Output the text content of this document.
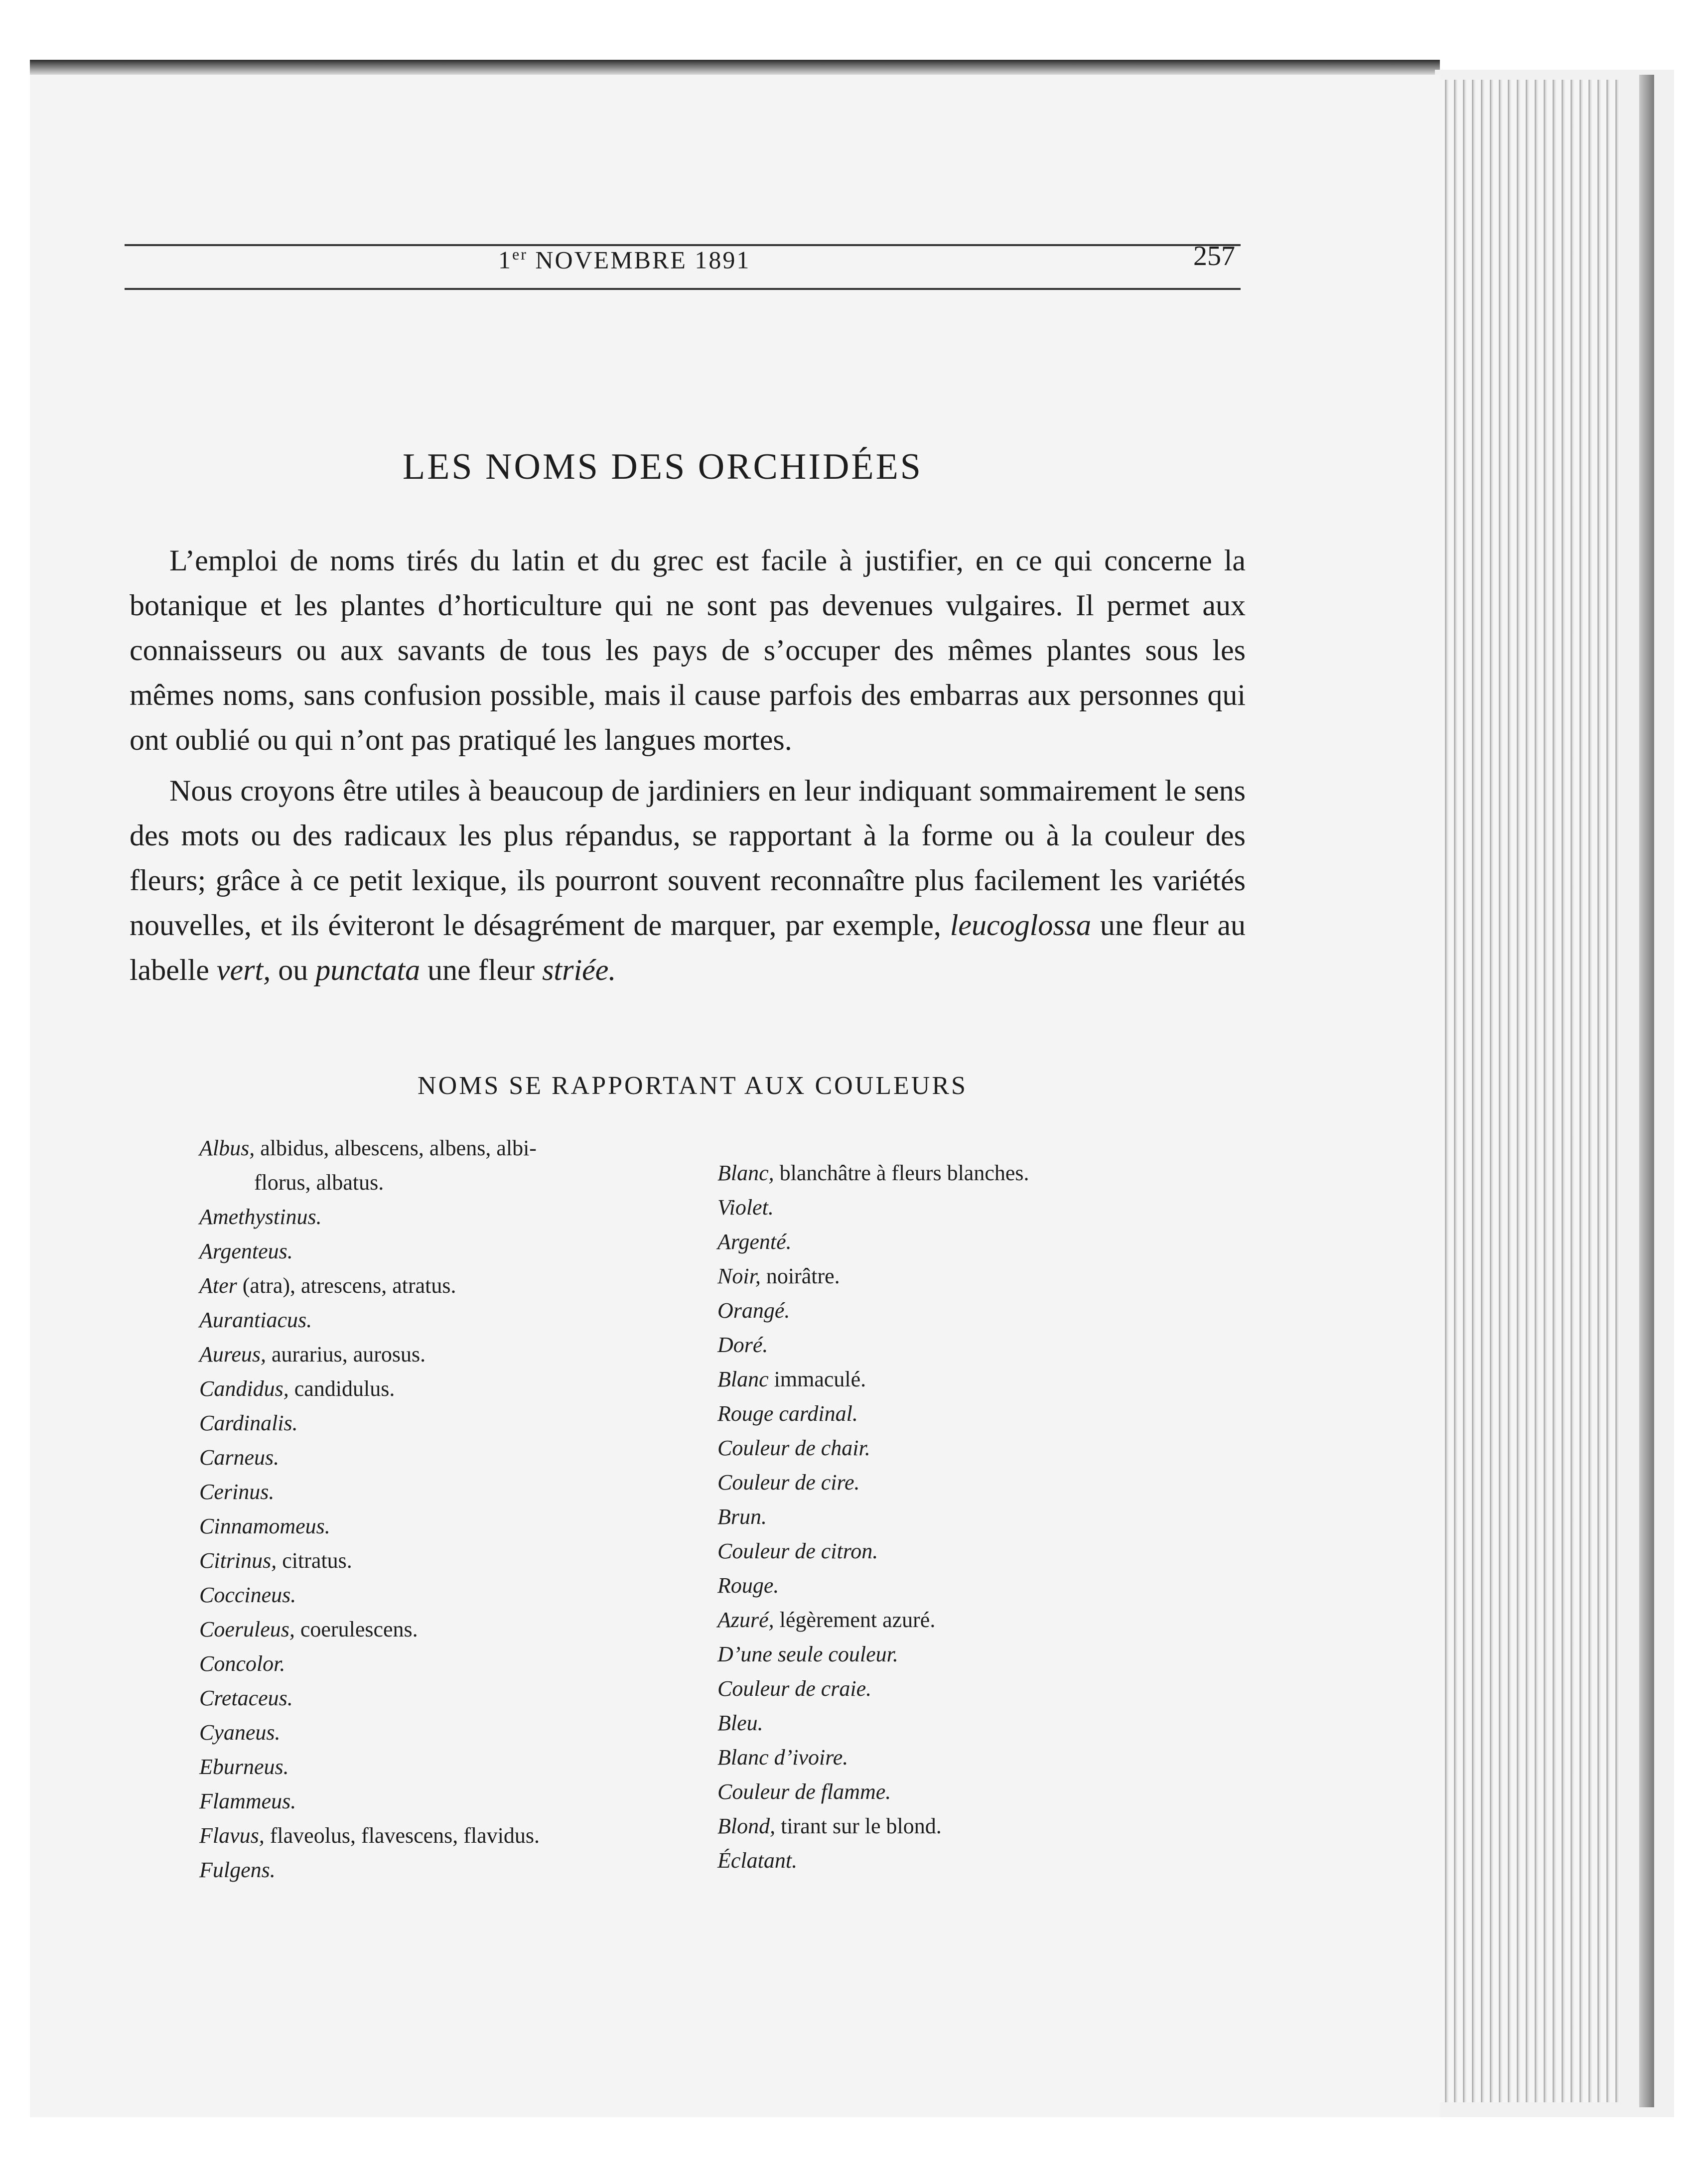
1er NOVEMBRE 1891	257
LES NOMS DES ORCHIDÉES

L’emploi de noms tirés du latin et du grec est facile à justifier, en ce qui concerne la botanique et les plantes d’horticulture qui ne sont pas devenues vulgaires. Il permet aux connaisseurs ou aux savants de tous les pays de s’occuper des mêmes plantes sous les mêmes noms, sans confusion possible, mais il cause parfois des embarras aux personnes qui ont oublié ou qui n’ont pas pratiqué les langues mortes.

Nous croyons être utiles à beaucoup de jardiniers en leur indiquant sommairement le sens des mots ou des radicaux les plus répandus, se rapportant à la forme ou à la couleur des fleurs; grâce à ce petit lexique, ils pourront souvent reconnaître plus facilement les variétés nouvelles, et ils éviteront le désagrément de marquer, par exemple, leucoglossa une fleur au labelle vert, ou punctata une fleur striée.

NOMS SE RAPPORTANT AUX COULEURS
Albus, albidus, albescens, albens, albi-
florus, albatus.
Amethystinus.
Argenteus.
Ater (atra), atrescens, atratus.
Aurantiacus.
Aureus, aurarius, aurosus.
Candidus, candidulus.
Cardinalis.
Carneus.
Cerinus.
Cinnamomeus.
Citrinus, citratus.
Coccineus.
Coeruleus, coerulescens.
Concolor.
Cretaceus.
Cyaneus.
Eburneus.
Flammeus.
Flavus, flaveolus, flavescens, flavidus.
Fulgens.
Blanc, blanchâtre à fleurs blanches.
Violet.
Argenté.
Noir, noirâtre.
Orangé.
Doré.
Blanc immaculé.
Rouge cardinal.
Couleur de chair.
Couleur de cire.
Brun.
Couleur de citron.
Rouge.
Azuré, légèrement azuré.
D’une seule couleur.
Couleur de craie.
Bleu.
Blanc d’ivoire.
Couleur de flamme.
Blond, tirant sur le blond.
Éclatant.
